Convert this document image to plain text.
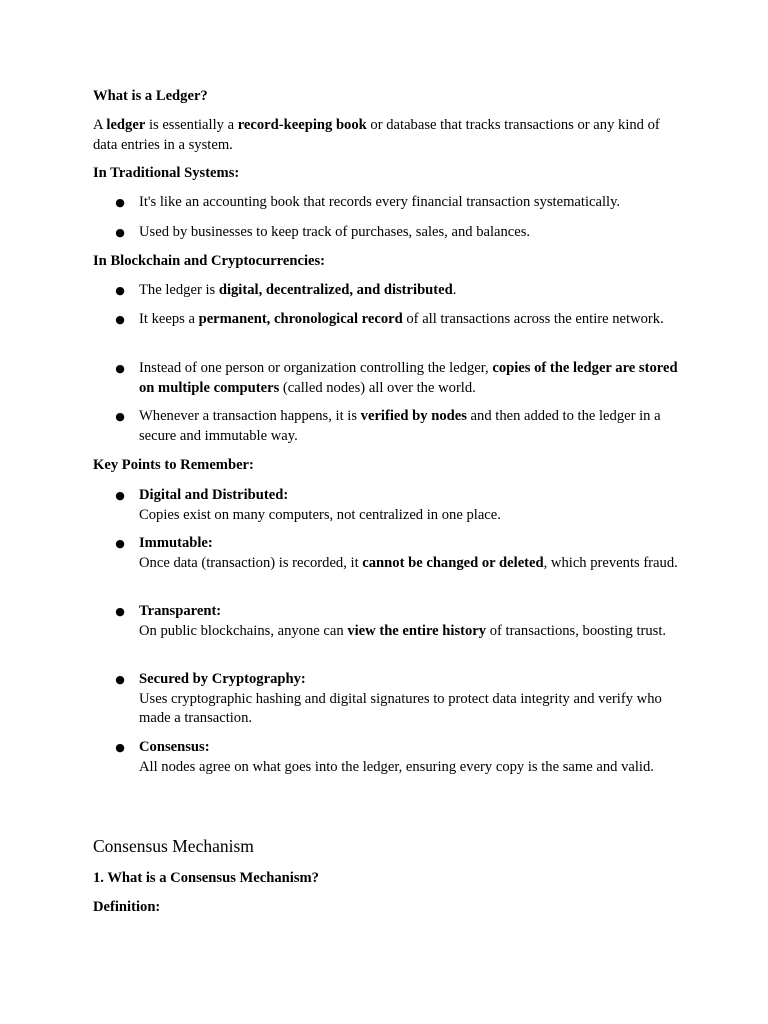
What is a Ledger?

A ledger is essentially a record-keeping book or database that tracks transactions or any kind of data entries in a system.

In Traditional Systems:

● It's like an accounting book that records every financial transaction systematically.

● Used by businesses to keep track of purchases, sales, and balances.

In Blockchain and Cryptocurrencies:

● The ledger is digital, decentralized, and distributed.

● It keeps a permanent, chronological record of all transactions across the entire network.

● Instead of one person or organization controlling the ledger, copies of the ledger are stored on multiple computers (called nodes) all over the world.

● Whenever a transaction happens, it is verified by nodes and then added to the ledger in a secure and immutable way.

Key Points to Remember:

● Digital and Distributed:
Copies exist on many computers, not centralized in one place.

● Immutable:
Once data (transaction) is recorded, it cannot be changed or deleted, which prevents fraud.

● Transparent:
On public blockchains, anyone can view the entire history of transactions, boosting trust.

● Secured by Cryptography:
Uses cryptographic hashing and digital signatures to protect data integrity and verify who made a transaction.

● Consensus:
All nodes agree on what goes into the ledger, ensuring every copy is the same and valid.

Consensus Mechanism

1. What is a Consensus Mechanism?

Definition:
